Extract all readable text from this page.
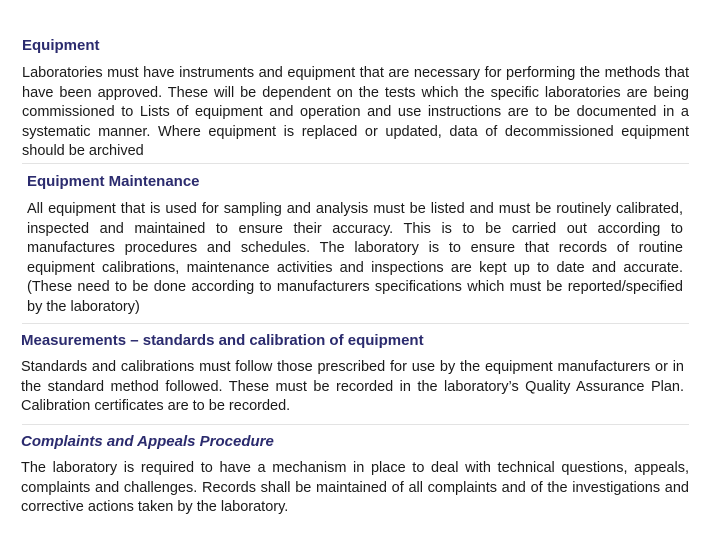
Equipment

Laboratories must have instruments and equipment that are necessary for performing the methods that have been approved. These will be dependent on the tests which the specific laboratories are being commissioned to Lists of equipment and operation and use instructions are to be documented in a systematic manner. Where equipment is replaced or updated, data of decommissioned equipment should be archived

Equipment Maintenance

All equipment that is used for sampling and analysis must be listed and must be routinely calibrated, inspected and maintained to ensure their accuracy. This is to be carried out according to manufactures procedures and schedules. The laboratory is to ensure that records of routine equipment calibrations, maintenance activities and inspections are kept up to date and accurate. (These need to be done according to manufacturers specifications which must be reported/specified by the laboratory)

Measurements – standards and calibration of equipment

Standards and calibrations must follow those prescribed for use by the equipment manufacturers or in the standard method followed. These must be recorded in the laboratory’s Quality Assurance Plan. Calibration certificates are to be recorded.

Complaints and Appeals Procedure

The laboratory is required to have a mechanism in place to deal with technical questions, appeals, complaints and challenges. Records shall be maintained of all complaints and of the investigations and corrective actions taken by the laboratory.
